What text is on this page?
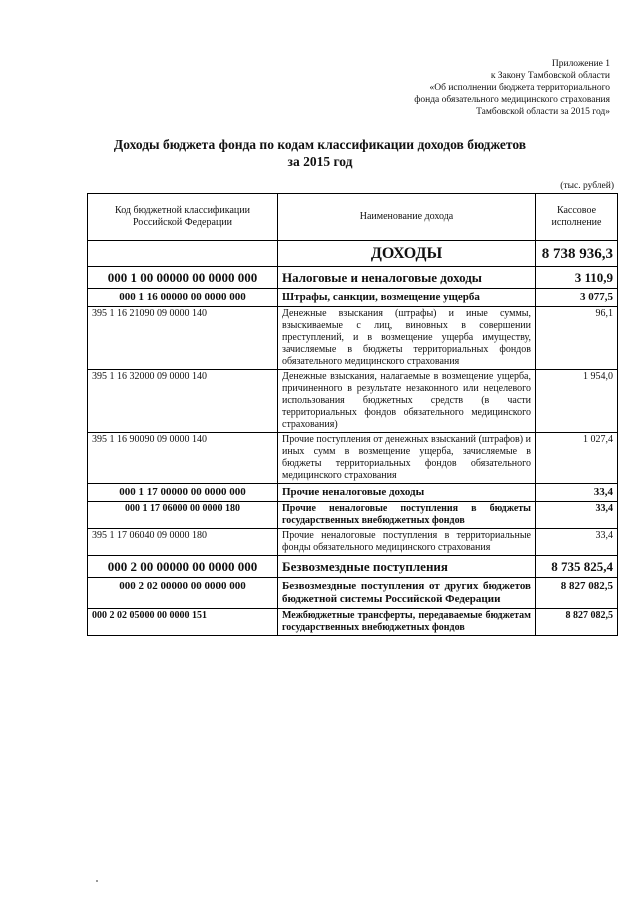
Приложение 1
к Закону Тамбовской области
«Об исполнении бюджета территориального
фонда обязательного медицинского страхования
Тамбовской области за 2015 год»
Доходы бюджета фонда по кодам классификации доходов бюджетов
за 2015 год
(тыс. рублей)
Код бюджетной классификации Российской Федерации	Наименование дохода	Кассовое исполнение
	ДОХОДЫ	8 738 936,3
000 1 00 00000 00 0000 000	Налоговые и неналоговые доходы	3 110,9
000 1 16 00000 00 0000 000	Штрафы, санкции, возмещение ущерба	3 077,5
395 1 16 21090 09 0000 140	Денежные взыскания (штрафы) и иные суммы, взыскиваемые с лиц, виновных в совершении преступлений, и в возмещение ущерба имуществу, зачисляемые в бюджеты территориальных фондов обязательного медицинского страхования	96,1
395 1 16 32000 09 0000 140	Денежные взыскания, налагаемые в возмещение ущерба, причиненного в результате незаконного или нецелевого использования бюджетных средств (в части территориальных фондов обязательного медицинского страхования)	1 954,0
395 1 16 90090 09 0000 140	Прочие поступления от денежных взысканий (штрафов) и иных сумм в возмещение ущерба, зачисляемые в бюджеты территориальных фондов обязательного медицинского страхования	1 027,4
000 1 17 00000 00 0000 000	Прочие неналоговые доходы	33,4
000 1 17 06000 00 0000 180	Прочие неналоговые поступления в бюджеты государственных внебюджетных фондов	33,4
395 1 17 06040 09 0000 180	Прочие неналоговые поступления в территориальные фонды обязательного медицинского страхования	33,4
000 2 00 00000 00 0000 000	Безвозмездные поступления	8 735 825,4
000 2 02 00000 00 0000 000	Безвозмездные поступления от других бюджетов бюджетной системы Российской Федерации	8 827 082,5
000 2 02 05000 00 0000 151	Межбюджетные трансферты, передаваемые бюджетам государственных внебюджетных фондов	8 827 082,5
